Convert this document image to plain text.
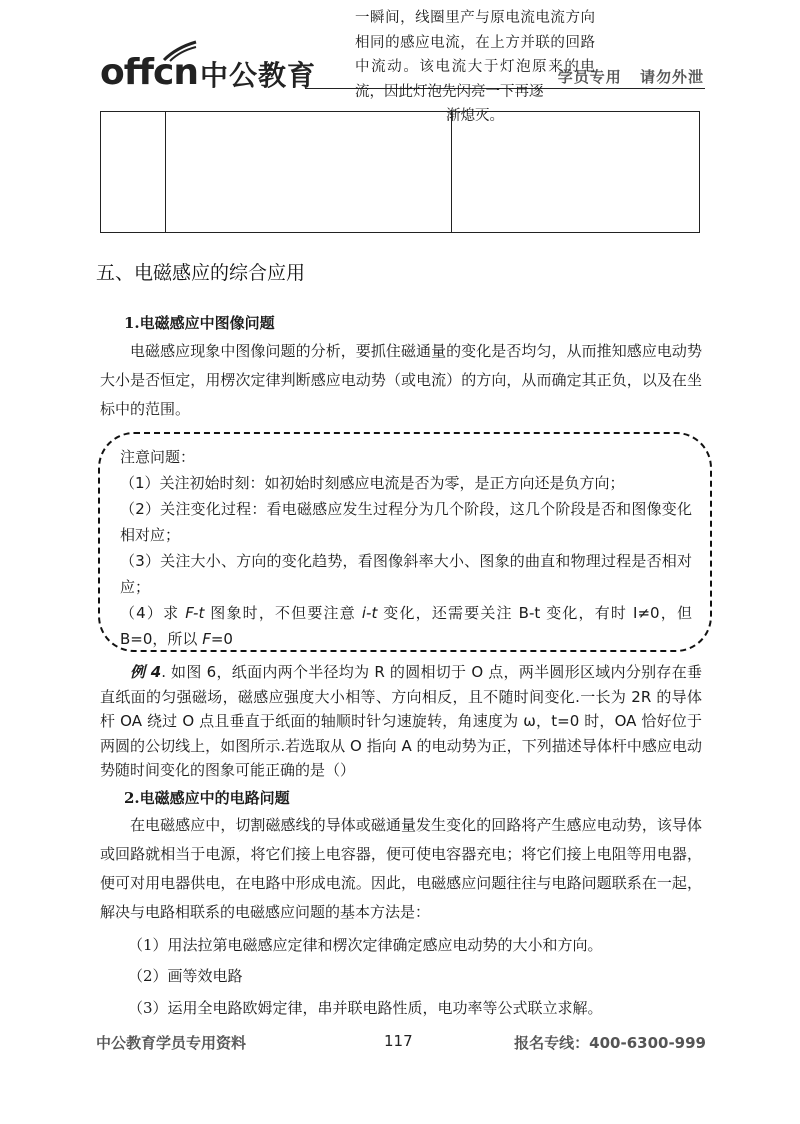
offcn 中公教育	学员专用 请勿外泄
一瞬间，线圈里产与原电流电流方向相同的感应电流，在上方并联的回路中流动。该电流大于灯泡原来的电流，因此灯泡先闪亮一下再逐
渐熄灭。
五、电磁感应的综合应用
1.电磁感应中图像问题
电磁感应现象中图像问题的分析，要抓住磁通量的变化是否均匀，从而推知感应电动势大小是否恒定，用楞次定律判断感应电动势（或电流）的方向，从而确定其正负，以及在坐标中的范围。

注意问题：

（1）关注初始时刻：如初始时刻感应电流是否为零，是正方向还是负方向；

（2）关注变化过程：看电磁感应发生过程分为几个阶段，这几个阶段是否和图像变化相对应；

（3）关注大小、方向的变化趋势，看图像斜率大小、图象的曲直和物理过程是否相对应；

（4）求 F-t 图象时，不但要注意 i-t 变化，还需要关注 B-t 变化，有时 I≠0，但 B=0，所以 F=0

例 4. 如图 6，纸面内两个半径均为 R 的圆相切于 O 点，两半圆形区域内分别存在垂直纸面的匀强磁场，磁感应强度大小相等、方向相反，且不随时间变化.一长为 2R 的导体杆 OA 绕过 O 点且垂直于纸面的轴顺时针匀速旋转，角速度为 ω，t=0 时，OA 恰好位于两圆的公切线上，如图所示.若选取从 O 指向 A 的电动势为正，下列描述导体杆中感应电动势随时间变化的图象可能正确的是（）
2.电磁感应中的电路问题
在电磁感应中，切割磁感线的导体或磁通量发生变化的回路将产生感应电动势，该导体或回路就相当于电源，将它们接上电容器，便可使电容器充电；将它们接上电阻等用电器，便可对用电器供电，在电路中形成电流。因此，电磁感应问题往往与电路问题联系在一起，解决与电路相联系的电磁感应问题的基本方法是：
（1）用法拉第电磁感应定律和楞次定律确定感应电动势的大小和方向。
（2）画等效电路
（3）运用全电路欧姆定律，串并联电路性质，电功率等公式联立求解。
中公教育学员专用资料	117	报名专线：400-6300-999
